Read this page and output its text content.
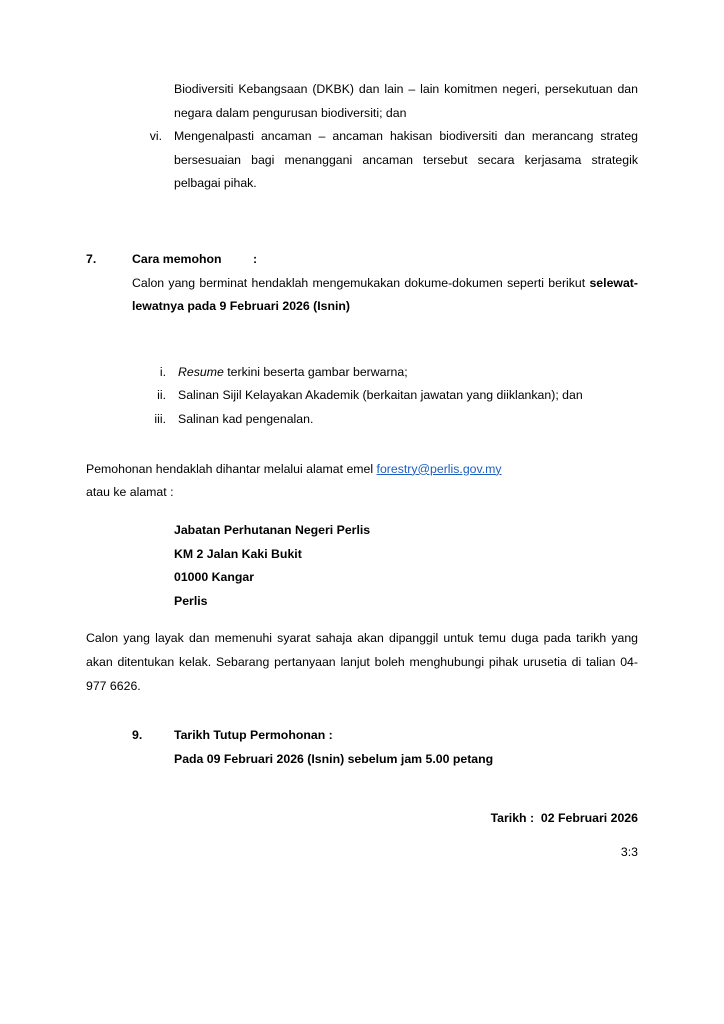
Biodiversiti Kebangsaan (DKBK) dan lain – lain komitmen negeri, persekutuan dan negara dalam pengurusan biodiversiti; dan
vi. Mengenalpasti ancaman – ancaman hakisan biodiversiti dan merancang strateg bersesuaian bagi menanggani ancaman tersebut secara kerjasama strategik pelbagai pihak.
7.	Cara memohon	:
Calon yang berminat hendaklah mengemukakan dokume-dokumen seperti berikut selewat-lewatnya pada 9 Februari 2026 (Isnin)
i. Resume terkini beserta gambar berwarna;
ii. Salinan Sijil Kelayakan Akademik (berkaitan jawatan yang diiklankan); dan
iii. Salinan kad pengenalan.
Pemohonan hendaklah dihantar melalui alamat emel forestry@perlis.gov.my
atau ke alamat :
Jabatan Perhutanan Negeri Perlis
KM 2 Jalan Kaki Bukit
01000 Kangar
Perlis
Calon yang layak dan memenuhi syarat sahaja akan dipanggil untuk temu duga pada tarikh yang akan ditentukan kelak. Sebarang pertanyaan lanjut boleh menghubungi pihak urusetia di talian 04-977 6626.
9.	Tarikh Tutup Permohonan :
Pada 09 Februari 2026 (Isnin) sebelum jam 5.00 petang
Tarikh : 02 Februari 2026
3:3
